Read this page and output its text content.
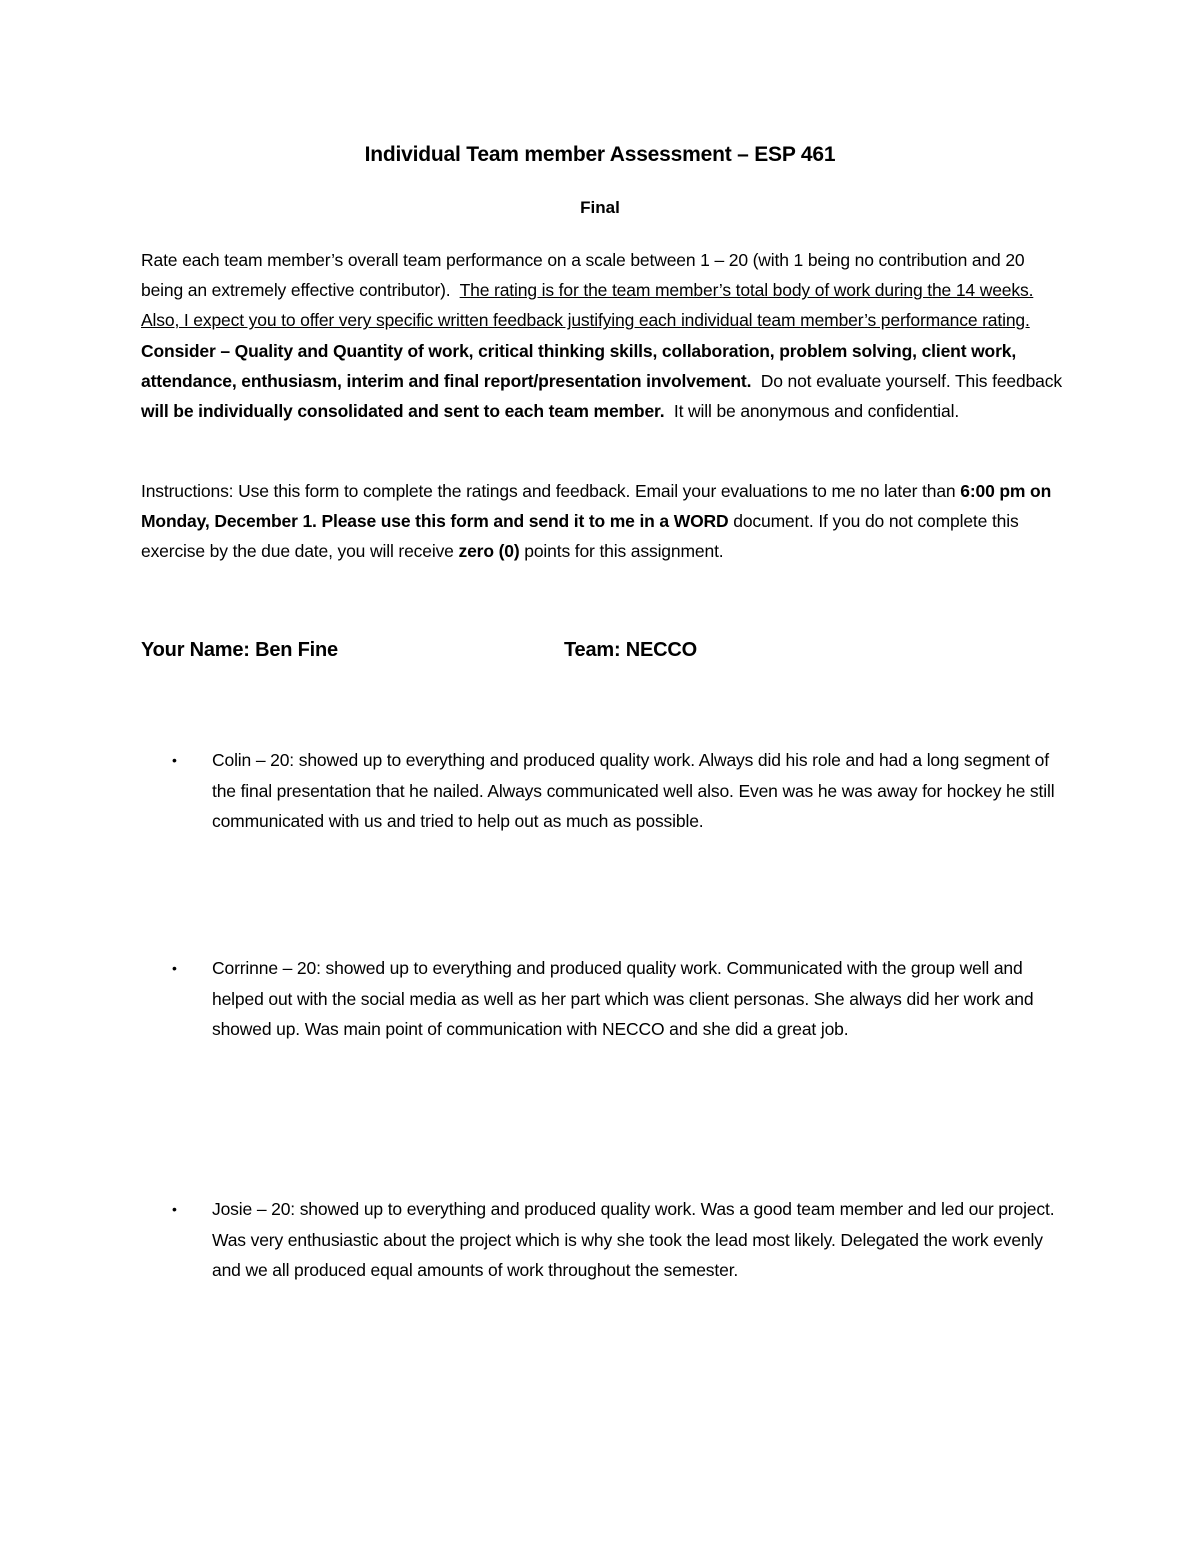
Individual Team member Assessment – ESP 461
Final
Rate each team member’s overall team performance on a scale between 1 – 20 (with 1 being no contribution and 20 being an extremely effective contributor). The rating is for the team member’s total body of work during the 14 weeks. Also, I expect you to offer very specific written feedback justifying each individual team member’s performance rating.  Consider – Quality and Quantity of work, critical thinking skills, collaboration, problem solving, client work, attendance, enthusiasm, interim and final report/presentation involvement. Do not evaluate yourself. This feedback will be individually consolidated and sent to each team member. It will be anonymous and confidential.
Instructions: Use this form to complete the ratings and feedback. Email your evaluations to me no later than 6:00 pm on Monday, December 1. Please use this form and send it to me in a WORD document. If you do not complete this exercise by the due date, you will receive zero (0) points for this assignment.
Your Name: Ben Fine	Team: NECCO
• Colin – 20: showed up to everything and produced quality work. Always did his role and had a long segment of the final presentation that he nailed. Always communicated well also. Even was he was away for hockey he still communicated with us and tried to help out as much as possible.
• Corrinne – 20: showed up to everything and produced quality work. Communicated with the group well and helped out with the social media as well as her part which was client personas. She always did her work and showed up. Was main point of communication with NECCO and she did a great job.
• Josie – 20: showed up to everything and produced quality work. Was a good team member and led our project. Was very enthusiastic about the project which is why she took the lead most likely. Delegated the work evenly and we all produced equal amounts of work throughout the semester.
